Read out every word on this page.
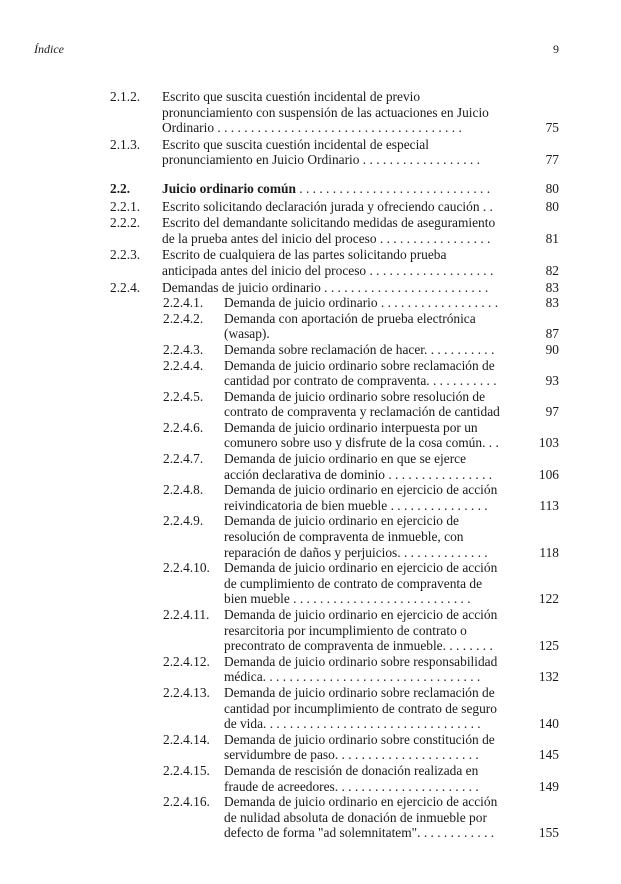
Índice	9
2.1.2. Escrito que suscita cuestión incidental de previo
pronunciamiento con suspensión de las actuaciones en Juicio
Ordinario . . . . . . . . . . . . . . . . . . . . . . . . . . . . . . . . . . . . .	75
2.1.3. Escrito que suscita cuestión incidental de especial
pronunciamiento en Juicio Ordinario . . . . . . . . . . . . . . . . . .	77
2.2. Juicio ordinario común . . . . . . . . . . . . . . . . . . . . . . . . . . . . .	80
2.2.1. Escrito solicitando declaración jurada y ofreciendo caución . .	80
2.2.2. Escrito del demandante solicitando medidas de aseguramiento
de la prueba antes del inicio del proceso . . . . . . . . . . . . . . . . .	81
2.2.3. Escrito de cualquiera de las partes solicitando prueba
anticipada antes del inicio del proceso . . . . . . . . . . . . . . . . . . .	82
2.2.4. Demandas de juicio ordinario . . . . . . . . . . . . . . . . . . . . . . . . .	83
2.2.4.1. Demanda de juicio ordinario . . . . . . . . . . . . . . . . . .	83
2.2.4.2. Demanda con aportación de prueba electrónica
(wasap).	87
2.2.4.3. Demanda sobre reclamación de hacer. . . . . . . . . . .	90
2.2.4.4. Demanda de juicio ordinario sobre reclamación de
cantidad por contrato de compraventa. . . . . . . . . . .	93
2.2.4.5. Demanda de juicio ordinario sobre resolución de
contrato de compraventa y reclamación de cantidad	97
2.2.4.6. Demanda de juicio ordinario interpuesta por un
comunero sobre uso y disfrute de la cosa común. . .	103
2.2.4.7. Demanda de juicio ordinario en que se ejerce
acción declarativa de dominio . . . . . . . . . . . . . . . .	106
2.2.4.8. Demanda de juicio ordinario en ejercicio de acción
reivindicatoria de bien mueble . . . . . . . . . . . . . . .	113
2.2.4.9. Demanda de juicio ordinario en ejercicio de
resolución de compraventa de inmueble, con
reparación de daños y perjuicios. . . . . . . . . . . . . .	118
2.2.4.10. Demanda de juicio ordinario en ejercicio de acción
de cumplimiento de contrato de compraventa de
bien mueble . . . . . . . . . . . . . . . . . . . . . . . . . . .	122
2.2.4.11. Demanda de juicio ordinario en ejercicio de acción
resarcitoria por incumplimiento de contrato o
precontrato de compraventa de inmueble. . . . . . . .	125
2.2.4.12. Demanda de juicio ordinario sobre responsabilidad
médica. . . . . . . . . . . . . . . . . . . . . . . . . . . . . . . . .	132
2.2.4.13. Demanda de juicio ordinario sobre reclamación de
cantidad por incumplimiento de contrato de seguro
de vida. . . . . . . . . . . . . . . . . . . . . . . . . . . . . . . . .	140
2.2.4.14. Demanda de juicio ordinario sobre constitución de
servidumbre de paso. . . . . . . . . . . . . . . . . . . . . .	145
2.2.4.15. Demanda de rescisión de donación realizada en
fraude de acreedores. . . . . . . . . . . . . . . . . . . . . .	149
2.2.4.16. Demanda de juicio ordinario en ejercicio de acción
de nulidad absoluta de donación de inmueble por
defecto de forma "ad solemnitatem". . . . . . . . . . . .	155
